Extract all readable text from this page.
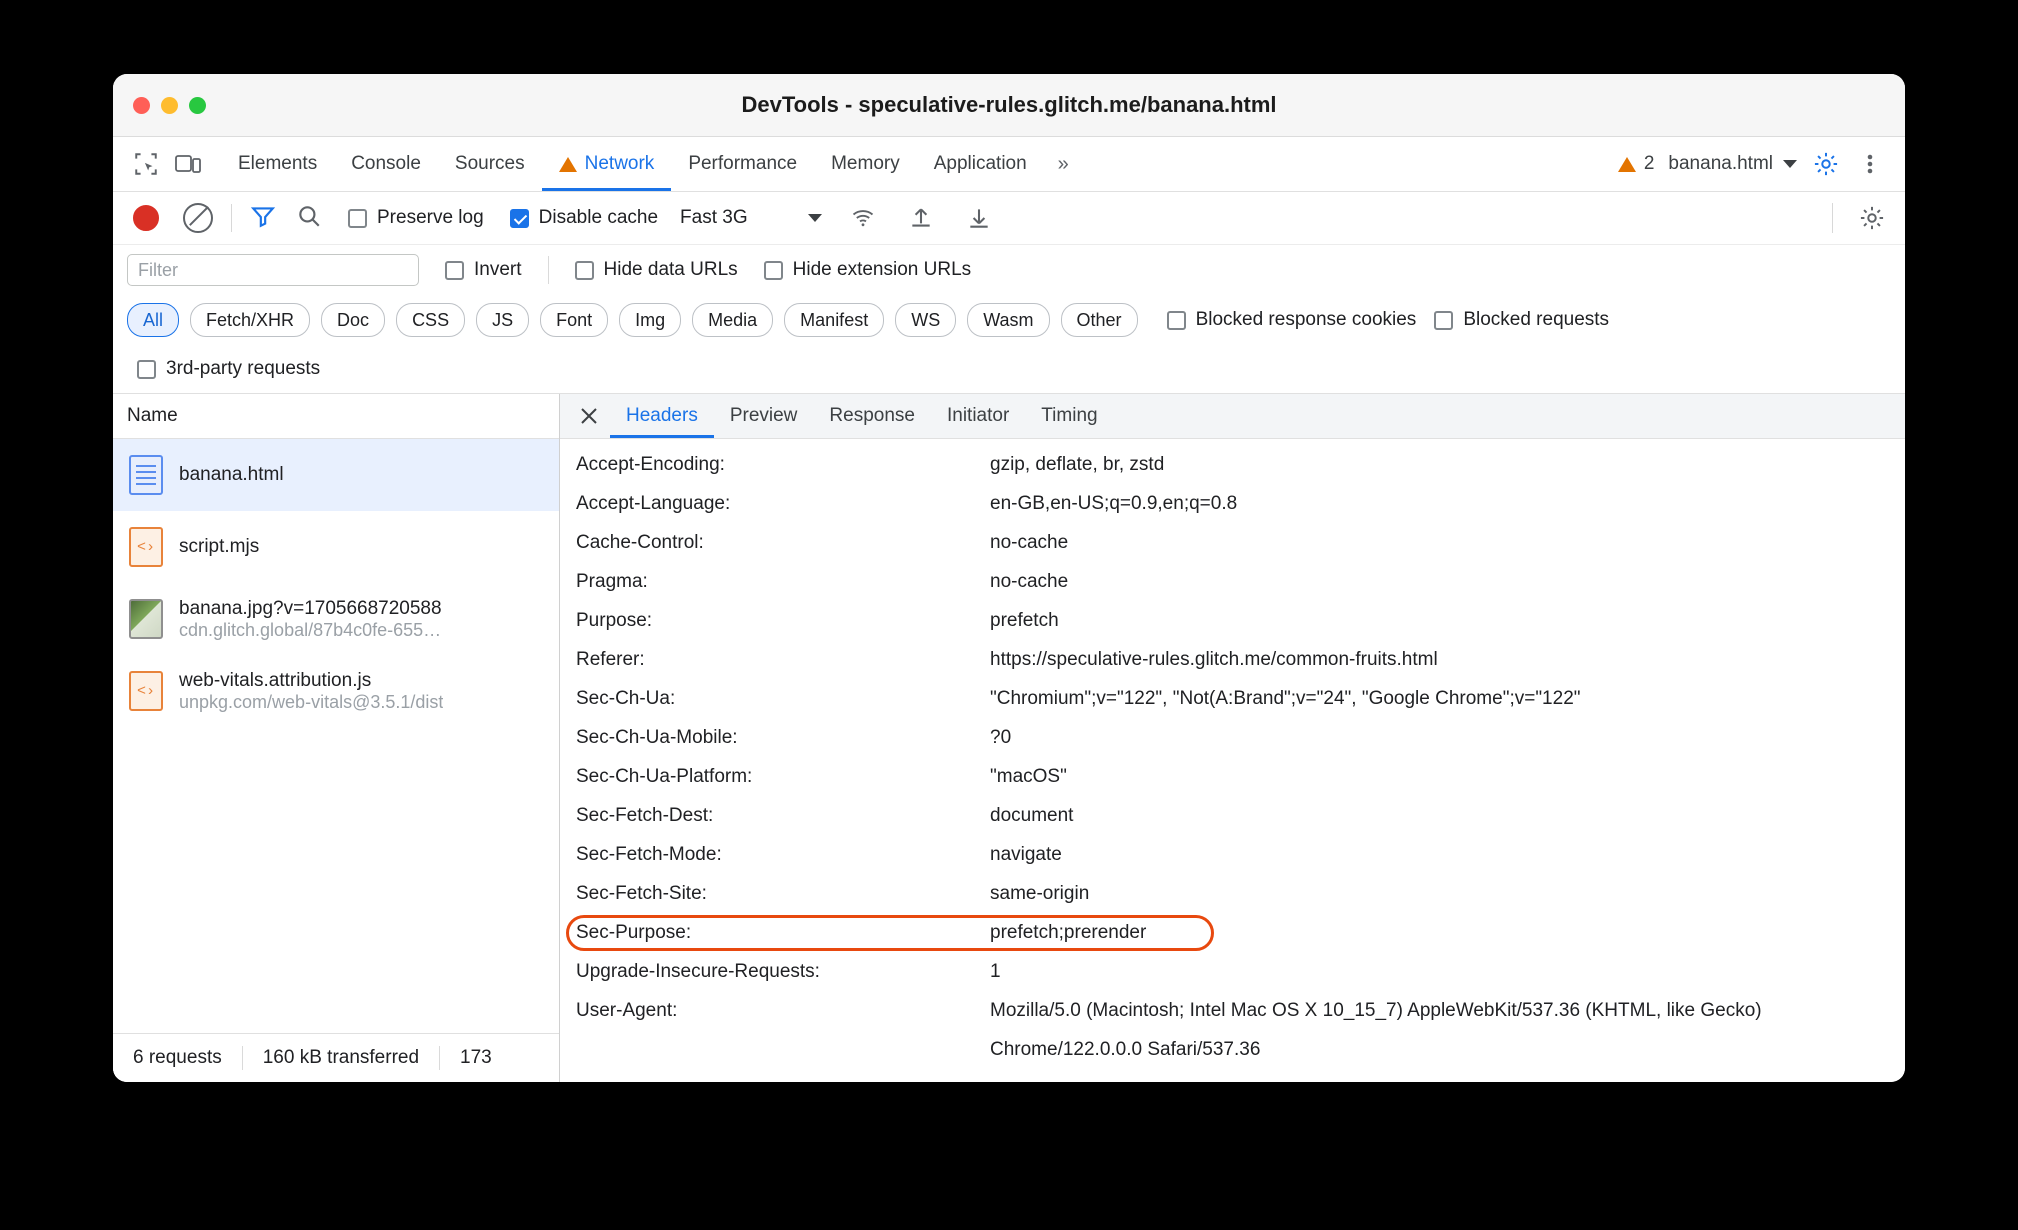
DevTools - speculative-rules.glitch.me/banana.html
Elements Console Sources	Network Performance Memory Application	»	2 banana.html
Preserve log	Disable cache Fast 3G
Filter
Invert	Hide data URLs	Hide extension URLs
All	Fetch/XHR	Doc	CSS	JS	Font	Img	Media	Manifest	WS	Wasm	Other	Blocked response cookies Blocked requests
3rd-party requests
Name
banana.html
<›	script.mjs
banana.jpg?v=1705668720588
cdn.glitch.global/87b4c0fe-655…
<›
web-vitals.attribution.js
unpkg.com/web-vitals@3.5.1/dist
6 requests	160 kB transferred	173
Headers	Preview	Response	Initiator	Timing
Accept-Encoding:	gzip, deflate, br, zstd
Accept-Language:	en-GB,en-US;q=0.9,en;q=0.8
Cache-Control:	no-cache
Pragma:	no-cache
Purpose:	prefetch
Referer:	https://speculative-rules.glitch.me/common-fruits.html
Sec-Ch-Ua:	"Chromium";v="122", "Not(A:Brand";v="24", "Google Chrome";v="122"
Sec-Ch-Ua-Mobile:	?0
Sec-Ch-Ua-Platform:	"macOS"
Sec-Fetch-Dest:	document
Sec-Fetch-Mode:	navigate
Sec-Fetch-Site:	same-origin
Sec-Purpose:	prefetch;prerender
Upgrade-Insecure-Requests:	1
User-Agent:	Mozilla/5.0 (Macintosh; Intel Mac OS X 10_15_7) AppleWebKit/537.36 (KHTML, like Gecko) Chrome/122.0.0.0 Safari/537.36
